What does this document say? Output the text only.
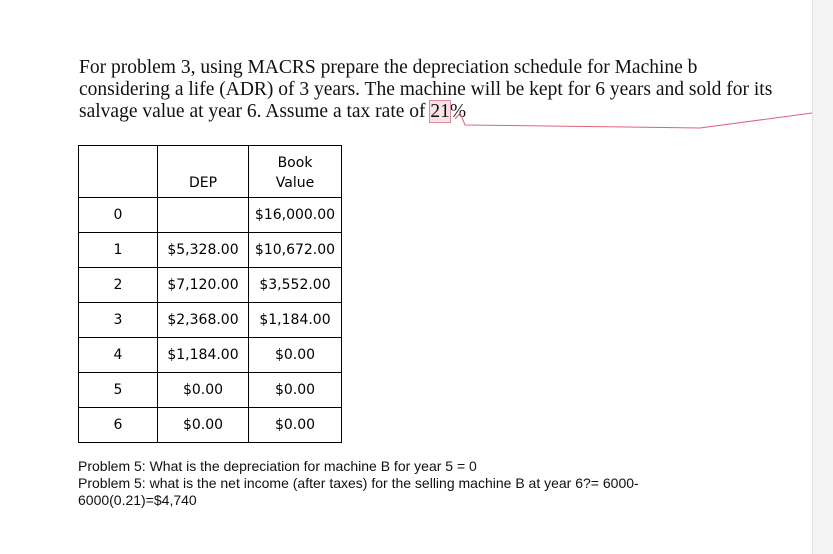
For problem 3, using MACRS prepare the depreciation schedule for Machine b
considering a life (ADR) of 3 years. The machine will be kept for 6 years and sold for its
salvage value at year 6. Assume a tax rate of 21%
	DEP	Book
Value
0		$16,000.00
1	$5,328.00	$10,672.00
2	$7,120.00	$3,552.00
3	$2,368.00	$1,184.00
4	$1,184.00	$0.00
5	$0.00	$0.00
6	$0.00	$0.00
Problem 5: What is the depreciation for machine B for year 5 = 0
Problem 5: what is the net income (after taxes) for the selling machine B at year 6?= 6000-
6000(0.21)=$4,740
